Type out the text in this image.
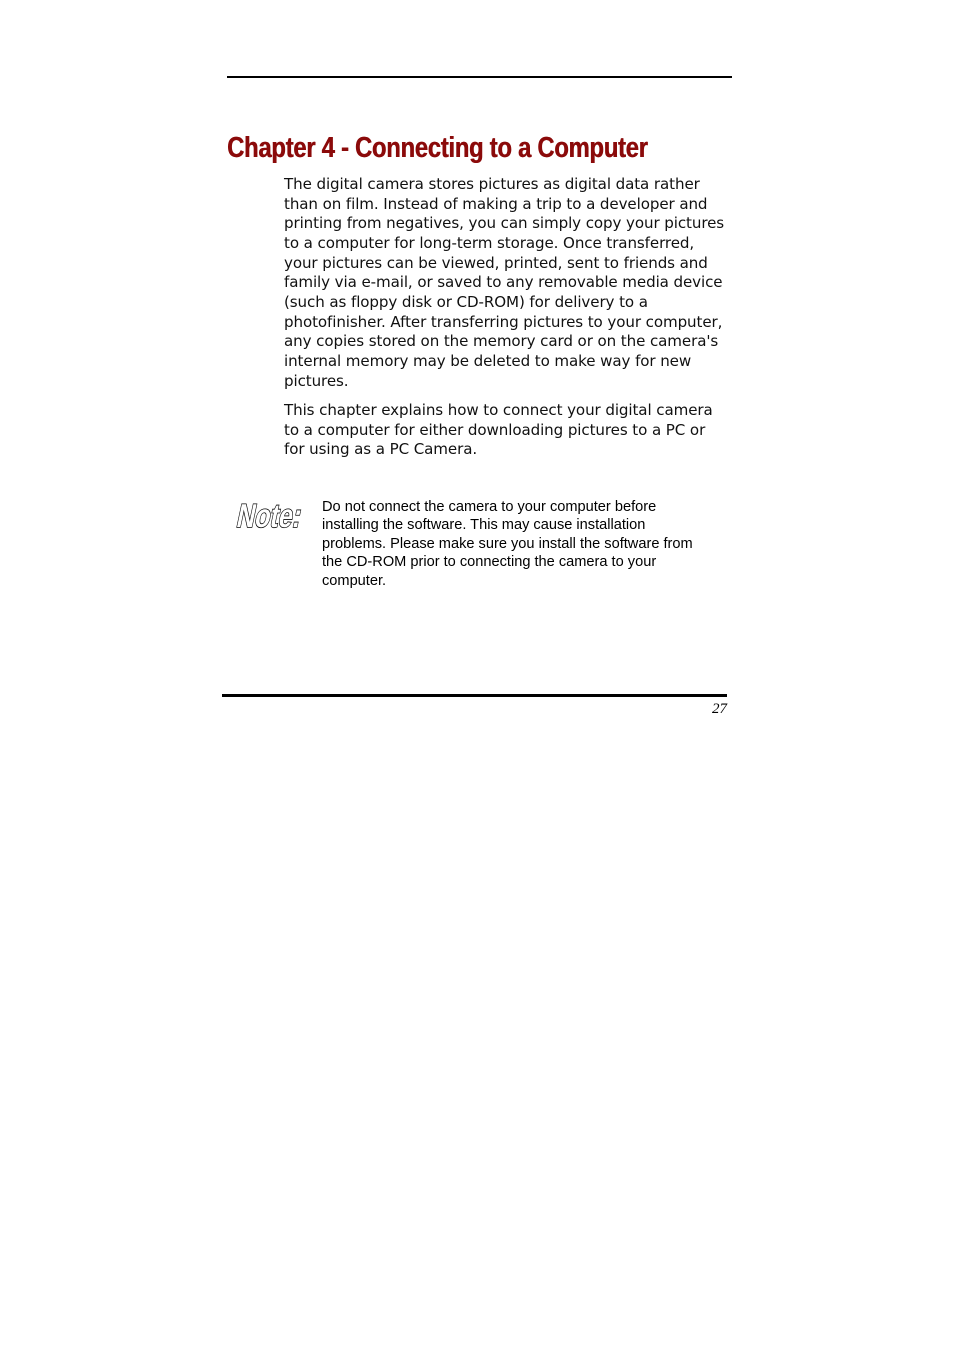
Chapter 4 - Connecting to a Computer

The digital camera stores pictures as digital data rather than on film. Instead of making a trip to a developer and printing from negatives, you can simply copy your pictures to a computer for long-term storage. Once transferred, your pictures can be viewed, printed, sent to friends and family via e-mail, or saved to any removable media device (such as floppy disk or CD-ROM) for delivery to a photofinisher. After transferring pictures to your computer, any copies stored on the memory card or on the camera's internal memory may be deleted to make way for new pictures.

This chapter explains how to connect your digital camera to a computer for either downloading pictures to a PC or for using as a PC Camera.

Note:

Do not connect the camera to your computer before installing the software. This may cause installation problems. Please make sure you install the software from the CD-ROM prior to connecting the camera to your computer.

27
